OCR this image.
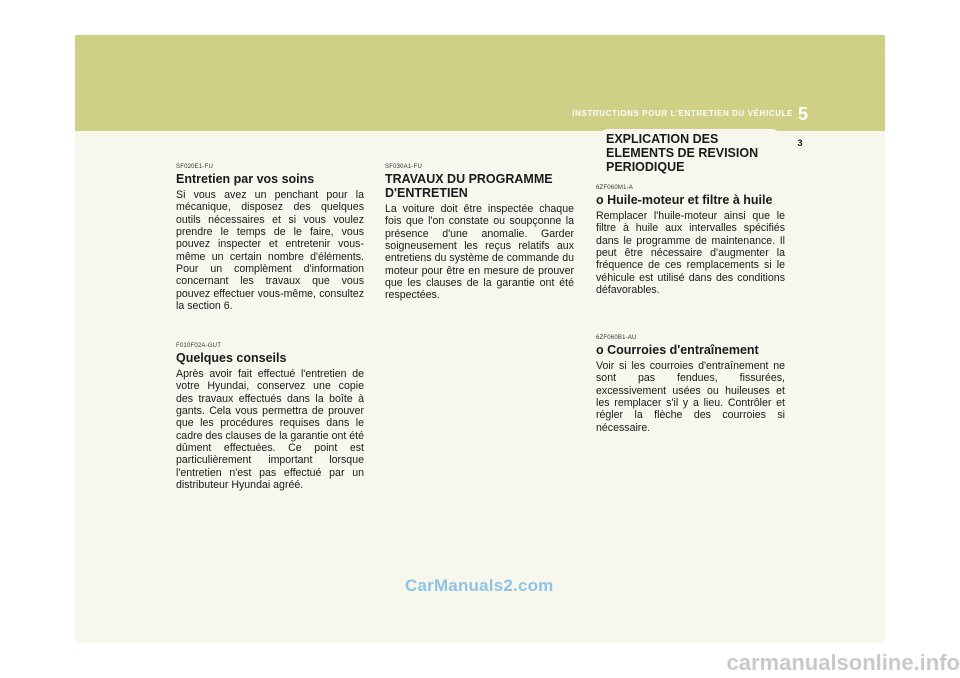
INSTRUCTIONS POUR L'ENTRETIEN DU VÉHICULE 5
EXPLICATION DES ELEMENTS DE REVISION PERIODIQUE
3
SF020E1-FU
Entretien par vos soins
Si vous avez un penchant pour la mécanique, disposez des quelques outils nécessaires et si vous voulez prendre le temps de le faire, vous pouvez inspecter et entretenir vous-même un certain nombre d'éléments. Pour un complèment d'information concernant les travaux que vous pouvez effectuer vous-même, consultez la section 6.
F010F02A-GUT
Quelques conseils
Après avoir fait effectué l'entretien de votre Hyundai, conservez une copie des travaux effectués dans la boîte à gants. Cela vous permettra de prouver que les procédures requises dans le cadre des clauses de la garantie ont été dûment effectuées. Ce point est particulièrement important lorsque l'entretien n'est pas effectué par un distributeur Hyundai agréé.
SF030A1-FU
TRAVAUX DU PROGRAMME D'ENTRETIEN
La voiture doit être inspectée chaque fois que l'on constate ou soupçonne la présence d'une anomalie. Garder soigneusement les reçus relatifs aux entretiens du système de commande du moteur pour être en mesure de prouver que les clauses de la garantie ont été respectées.
6ZF060M1-A
o Huile-moteur et filtre à huile
Remplacer l'huile-moteur ainsi que le filtre à huile aux intervalles spécifiés dans le programme de maintenance. Il peut être nécessaire d'augmenter la fréquence de ces remplacements si le véhicule est utilisé dans des conditions défavorables.
6ZF060B1-AU
o Courroies d'entraînement
Voir si les courroies d'entraînement ne sont pas fendues, fissurées, excessivement usées ou huileuses et les remplacer s'il y a lieu. Contrôler et régler la flèche des courroies si nécessaire.
CarManuals2.com
carmanualsonline.info
